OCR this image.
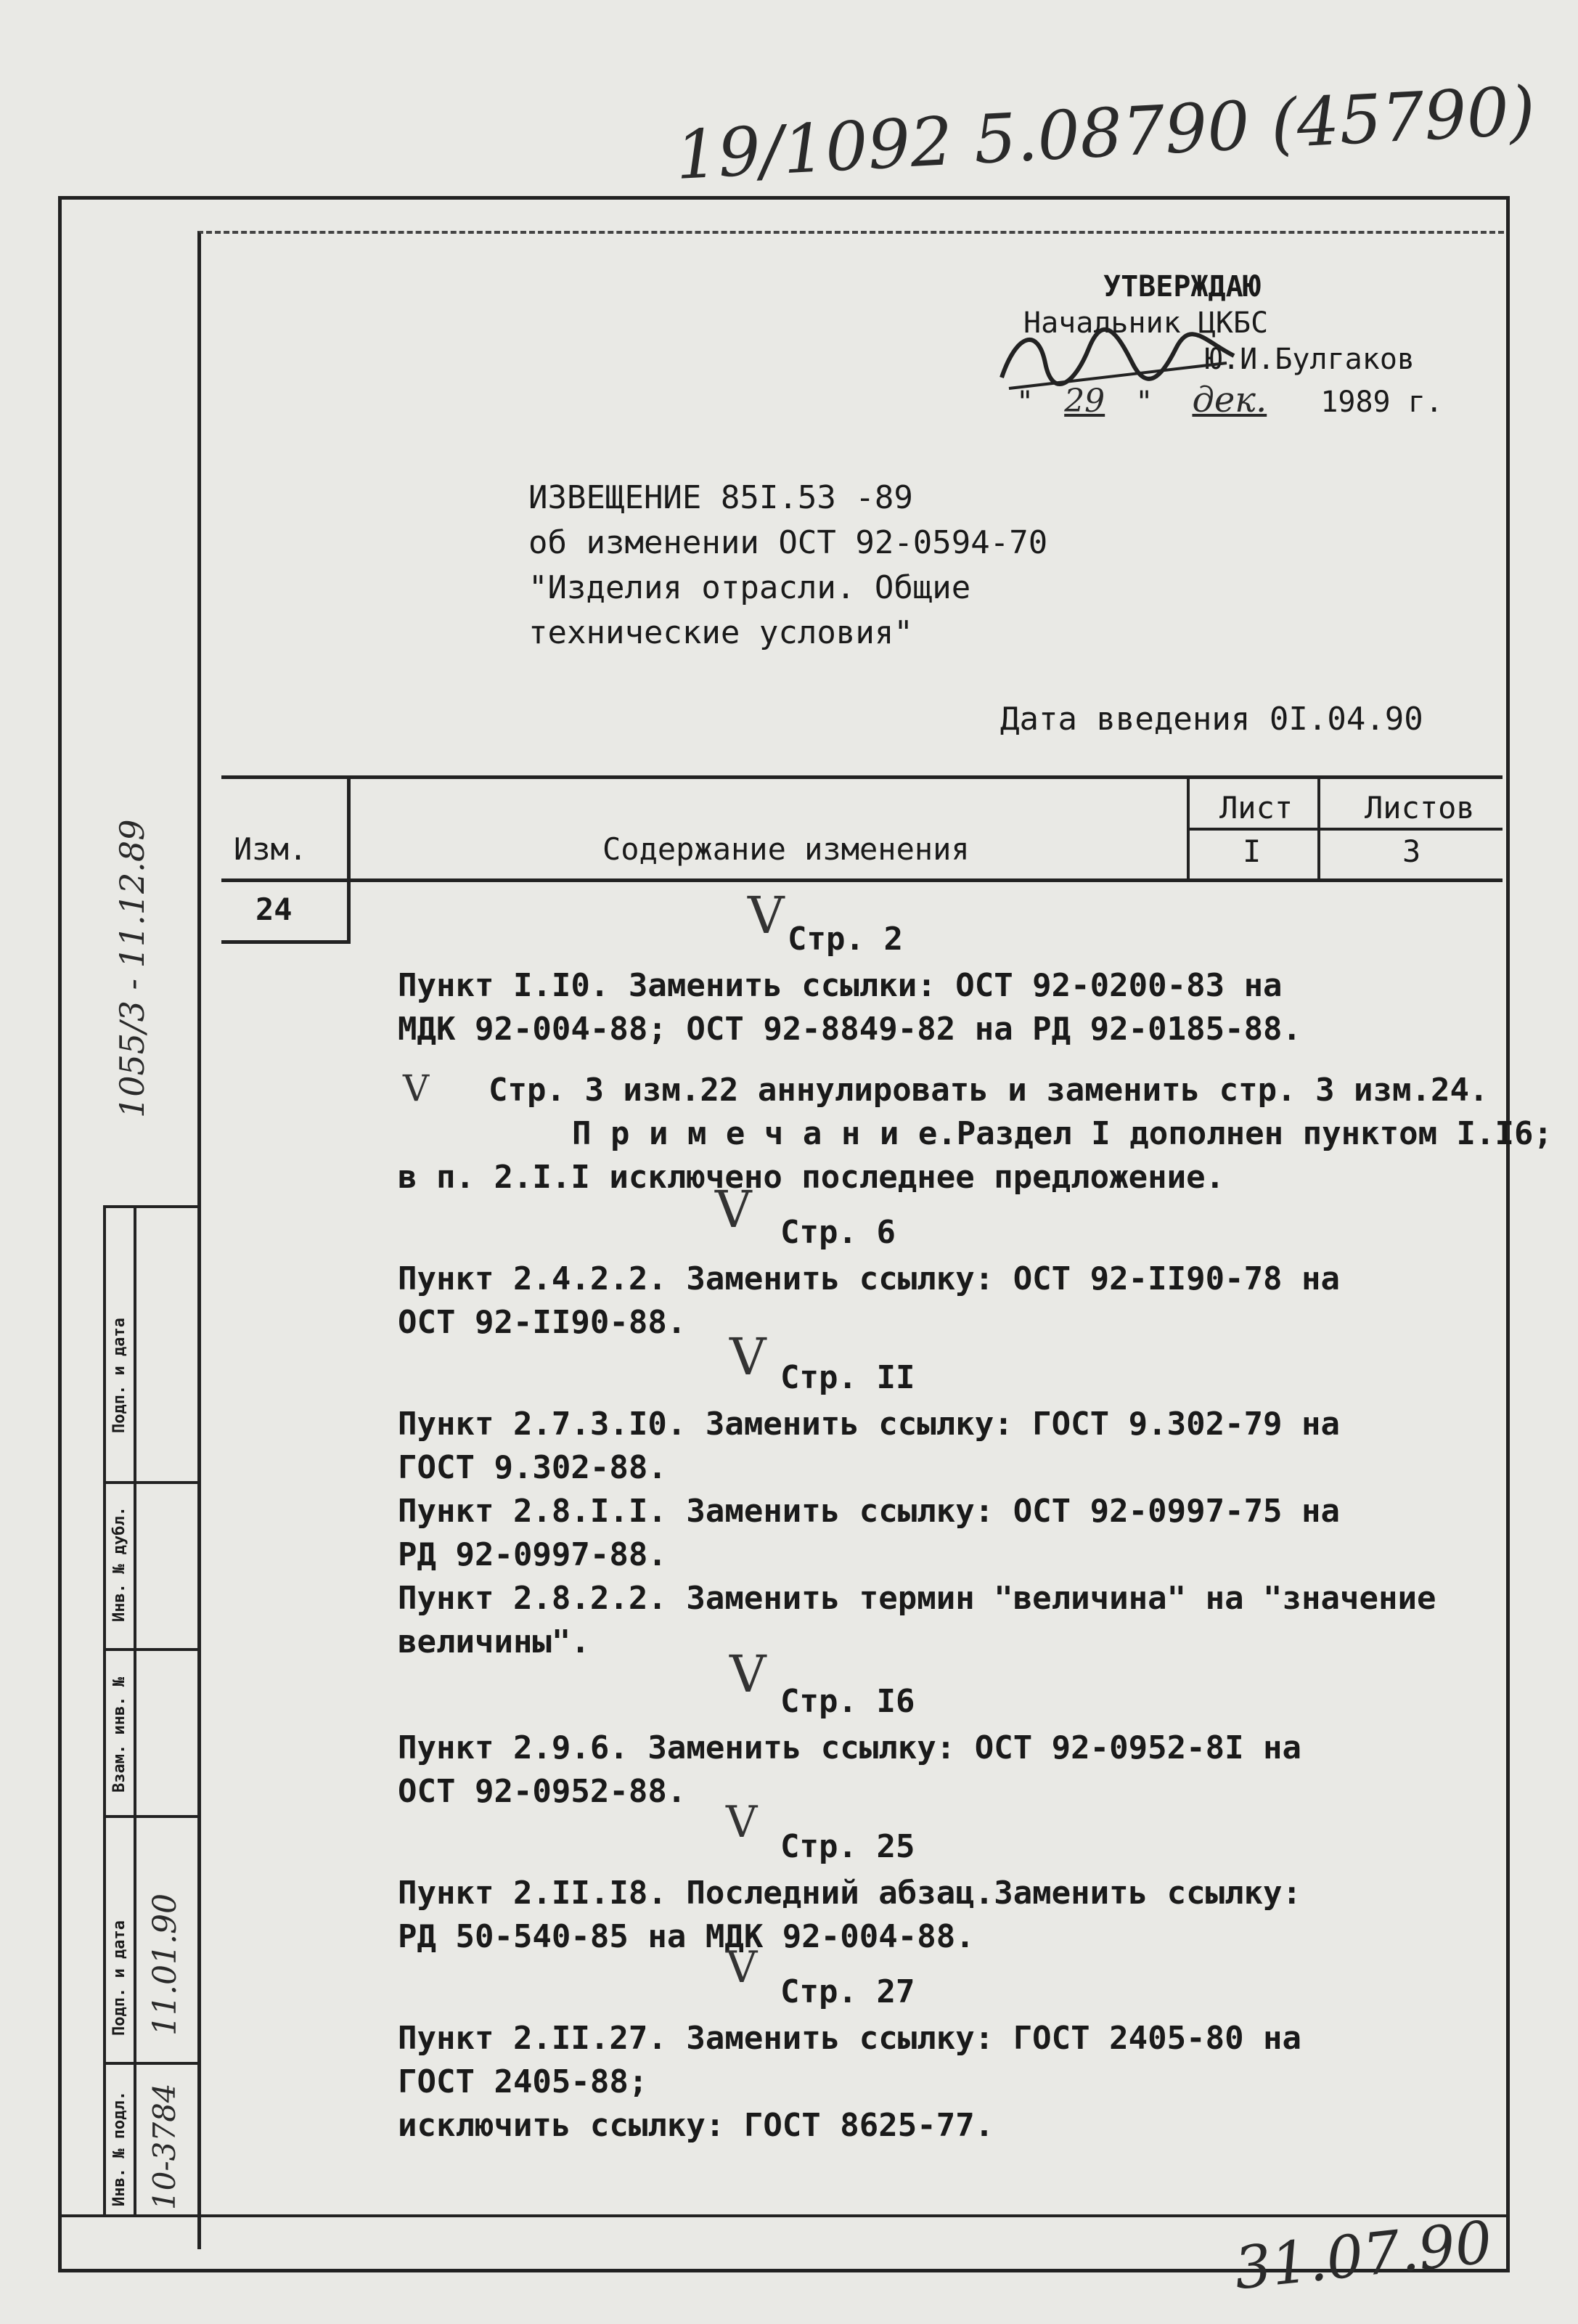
19/1092 5.08790 (45790)
УТВЕРЖДАЮ
Начальник ЦКБС
Ю.И.Булгаков
" 29 " дек. 1989 г.
ИЗВЕЩЕНИЕ 85I.53 -89
об изменении ОСТ 92-0594-70
"Изделия отрасли. Общие
технические условия"
Дата введения 0I.04.90
Изм.	Содержание изменения
Лист Листов
I	3
24	V Стр. 2
Пункт I.I0. Заменить ссылки: ОСТ 92-0200-83 на
МДК 92-004-88; ОСТ 92-8849-82 на РД 92-0185-88.
V Стр. 3 изм.22 аннулировать и заменить стр. 3 изм.24.
П р и м е ч а н и е.Раздел I дополнен пунктом I.I6;
в п. 2.I.I исключено последнее предложение.
V Стр. 6
Пункт 2.4.2.2. Заменить ссылку: ОСТ 92-II90-78 на
ОСТ 92-II90-88.
V Стр. II
Пункт 2.7.3.I0. Заменить ссылку: ГОСТ 9.302-79 на
ГОСТ 9.302-88.
Пункт 2.8.I.I. Заменить ссылку: ОСТ 92-0997-75 на
РД 92-0997-88.
Пункт 2.8.2.2. Заменить термин "величина" на "значение
величины".
V Стр. I6
Пункт 2.9.6. Заменить ссылку: ОСТ 92-0952-8I на
ОСТ 92-0952-88.
V Стр. 25
Пункт 2.II.I8. Последний абзац.Заменить ссылку:
РД 50-540-85 на МДК 92-004-88.
V Стр. 27
Пункт 2.II.27. Заменить ссылку: ГОСТ 2405-80 на
ГОСТ 2405-88;
исключить ссылку: ГОСТ 8625-77.
1055/3 - 11.12.89
Подп. и дата
Инв. № дубл.
Взам. инв. №
Подп. и дата 11.01.90
Инв. № подл. 10-3784
31.07.90
